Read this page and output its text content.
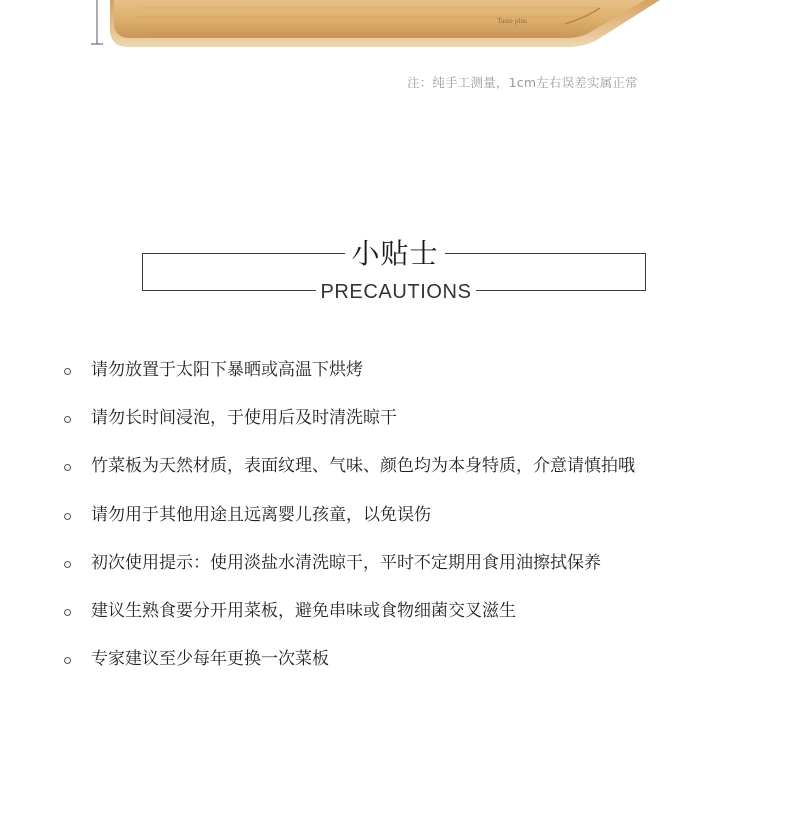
Taste plus
注：纯手工测量，1cm左右误差实属正常
小贴士
PRECAUTIONS
请勿放置于太阳下暴晒或高温下烘烤
请勿长时间浸泡，于使用后及时清洗晾干
竹菜板为天然材质，表面纹理、气味、颜色均为本身特质，介意请慎拍哦
请勿用于其他用途且远离婴儿孩童，以免误伤
初次使用提示：使用淡盐水清洗晾干，平时不定期用食用油擦拭保养
建议生熟食要分开用菜板，避免串味或食物细菌交叉滋生
专家建议至少每年更换一次菜板
